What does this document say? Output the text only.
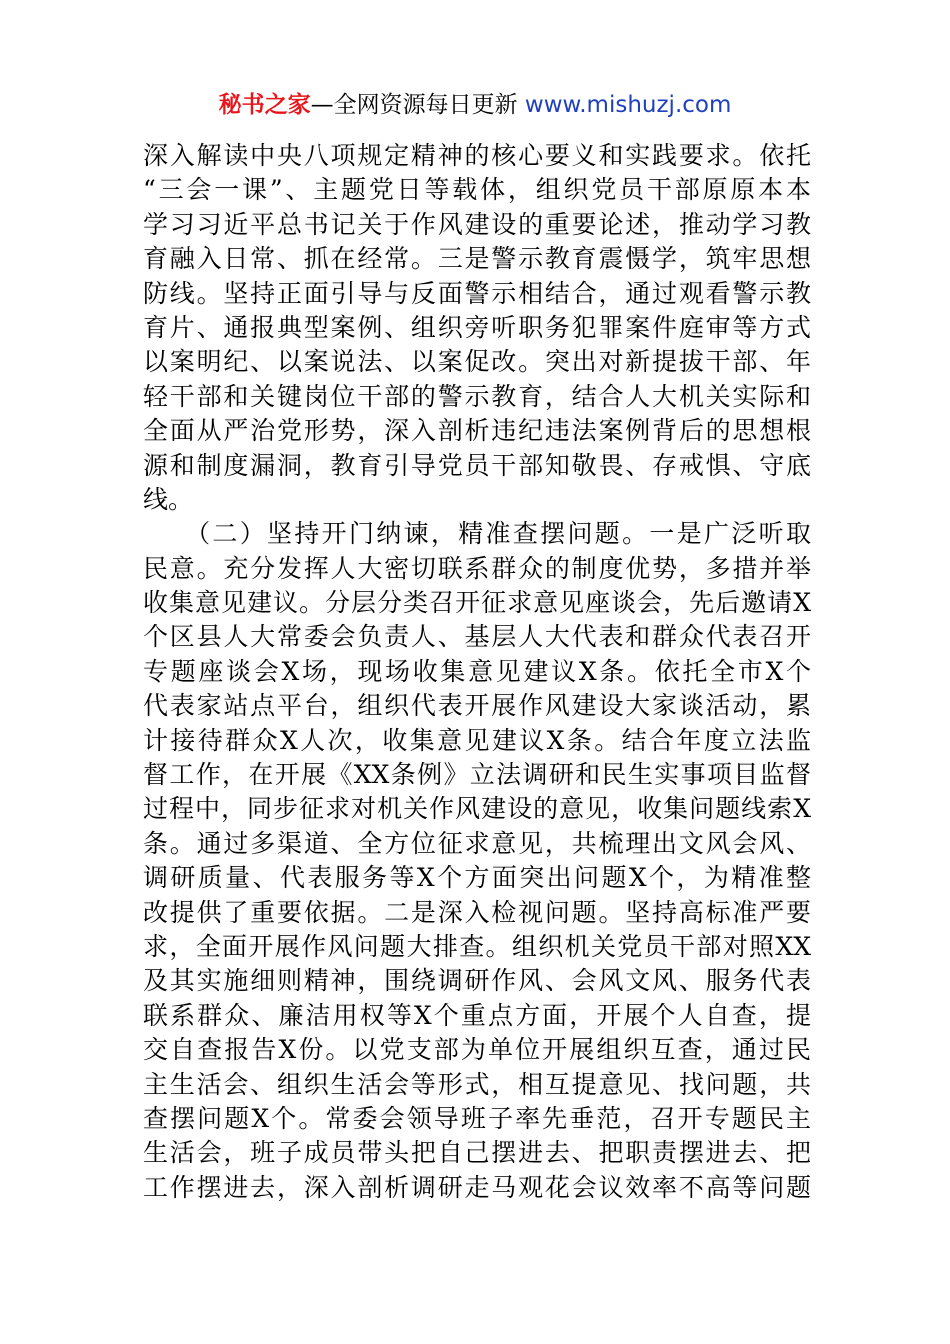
秘书之家—全网资源每日更新 www.mishuzj.com
深入解读中央八项规定精神的核心要义和实践要求。依托
“三会一课”、主题党日等载体，组织党员干部原原本本
学习习近平总书记关于作风建设的重要论述，推动学习教
育融入日常、抓在经常。三是警示教育震慑学，筑牢思想
防线。坚持正面引导与反面警示相结合，通过观看警示教
育片、通报典型案例、组织旁听职务犯罪案件庭审等方式
以案明纪、以案说法、以案促改。突出对新提拔干部、年
轻干部和关键岗位干部的警示教育，结合人大机关实际和
全面从严治党形势，深入剖析违纪违法案例背后的思想根
源和制度漏洞，教育引导党员干部知敬畏、存戒惧、守底
线。
　　（二）坚持开门纳谏，精准查摆问题。一是广泛听取
民意。充分发挥人大密切联系群众的制度优势，多措并举
收集意见建议。分层分类召开征求意见座谈会，先后邀请X
个区县人大常委会负责人、基层人大代表和群众代表召开
专题座谈会X场，现场收集意见建议X条。依托全市X个
代表家站点平台，组织代表开展作风建设大家谈活动，累
计接待群众X人次，收集意见建议X条。结合年度立法监
督工作，在开展《XX条例》立法调研和民生实事项目监督
过程中，同步征求对机关作风建设的意见，收集问题线索X
条。通过多渠道、全方位征求意见，共梳理出文风会风、
调研质量、代表服务等X个方面突出问题X个，为精准整
改提供了重要依据。二是深入检视问题。坚持高标准严要
求，全面开展作风问题大排查。组织机关党员干部对照XX
及其实施细则精神，围绕调研作风、会风文风、服务代表
联系群众、廉洁用权等X个重点方面，开展个人自查，提
交自查报告X份。以党支部为单位开展组织互查，通过民
主生活会、组织生活会等形式，相互提意见、找问题，共
查摆问题X个。常委会领导班子率先垂范，召开专题民主
生活会，班子成员带头把自己摆进去、把职责摆进去、把
工作摆进去，深入剖析调研走马观花会议效率不高等问题
